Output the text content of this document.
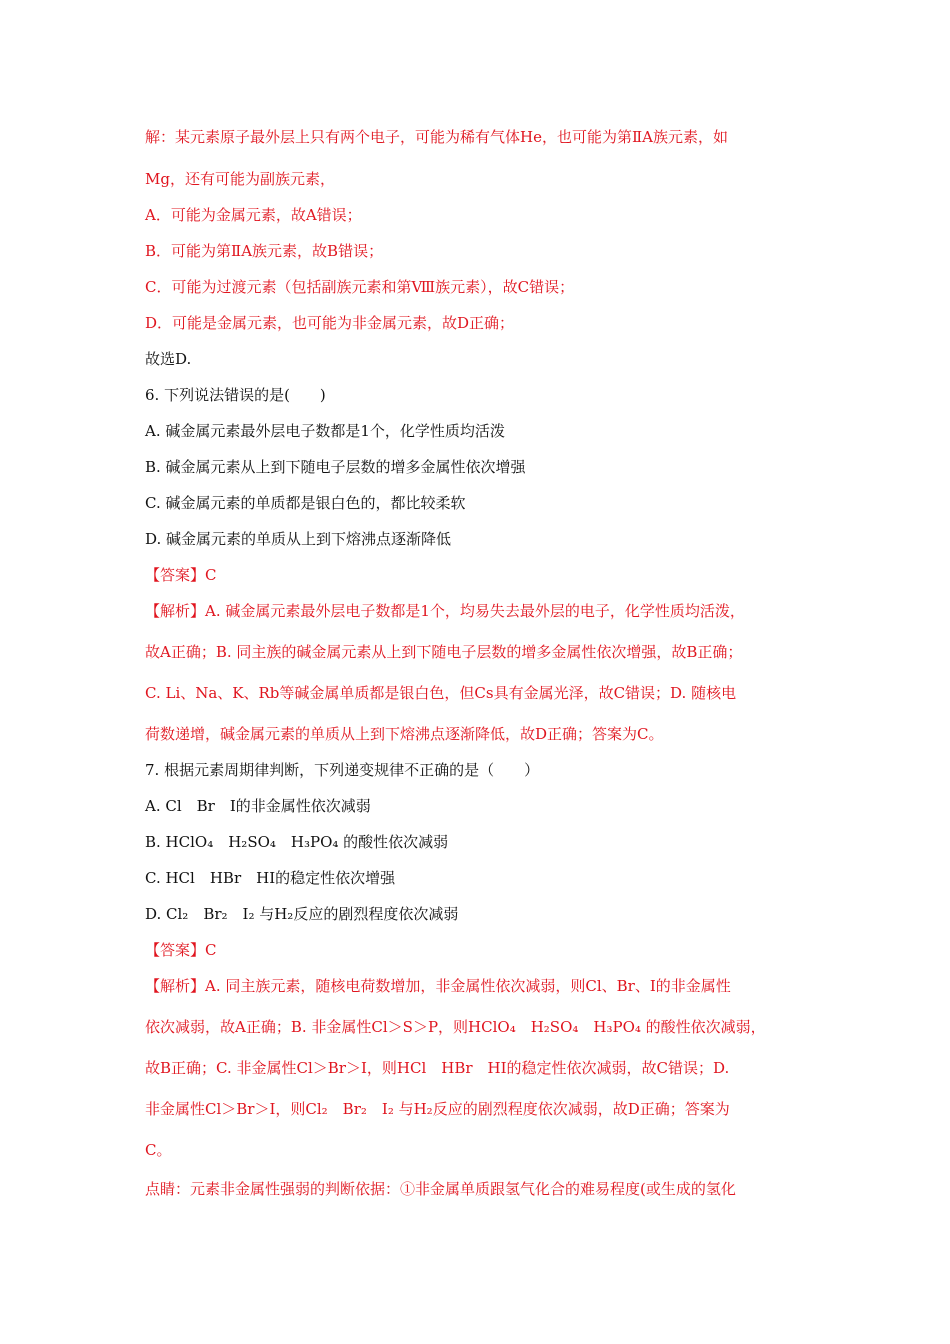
解：某元素原子最外层上只有两个电子，可能为稀有气体He，也可能为第ⅡA族元素，如
Mg，还有可能为副族元素，
A．可能为金属元素，故A错误；
B．可能为第ⅡA族元素，故B错误；
C．可能为过渡元素（包括副族元素和第Ⅷ族元素），故C错误；
D．可能是金属元素，也可能为非金属元素，故D正确；
故选D.
6. 下列说法错误的是(　　)
A. 碱金属元素最外层电子数都是1个，化学性质均活泼
B. 碱金属元素从上到下随电子层数的增多金属性依次增强
C. 碱金属元素的单质都是银白色的，都比较柔软
D. 碱金属元素的单质从上到下熔沸点逐渐降低
【答案】C
【解析】A. 碱金属元素最外层电子数都是1个，均易失去最外层的电子，化学性质均活泼，
故A正确；B. 同主族的碱金属元素从上到下随电子层数的增多金属性依次增强，故B正确；
C. Li、Na、K、Rb等碱金属单质都是银白色，但Cs具有金属光泽，故C错误；D. 随核电
荷数递增，碱金属元素的单质从上到下熔沸点逐渐降低，故D正确；答案为C。
7. 根据元素周期律判断，下列递变规律不正确的是（　　）
A. Cl　Br　I的非金属性依次减弱
B. HClO₄　H₂SO₄　H₃PO₄ 的酸性依次减弱
C. HCl　HBr　HI的稳定性依次增强
D. Cl₂　Br₂　I₂ 与H₂反应的剧烈程度依次减弱
【答案】C
【解析】A. 同主族元素，随核电荷数增加，非金属性依次减弱，则Cl、Br、I的非金属性
依次减弱，故A正确；B. 非金属性Cl＞S＞P，则HClO₄　H₂SO₄　H₃PO₄ 的酸性依次减弱，
故B正确；C. 非金属性Cl＞Br＞I，则HCl　HBr　HI的稳定性依次减弱，故C错误；D.
非金属性Cl＞Br＞I，则Cl₂　Br₂　I₂ 与H₂反应的剧烈程度依次减弱，故D正确；答案为
C。
点睛：元素非金属性强弱的判断依据：①非金属单质跟氢气化合的难易程度(或生成的氢化
